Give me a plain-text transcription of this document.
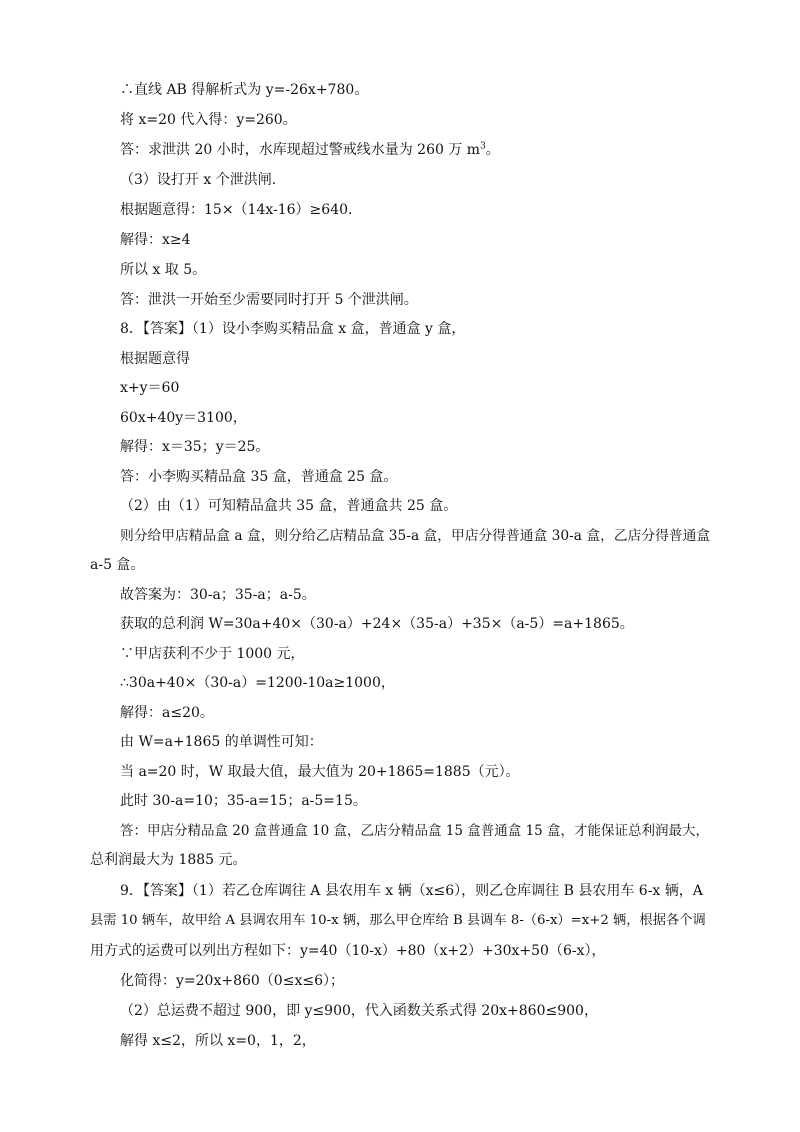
∴直线 AB 得解析式为 y=-26x+780。
将 x=20 代入得：y=260。
答：求泄洪 20 小时，水库现超过警戒线水量为 260 万 $m^3$。
（3）设打开 x 个泄洪闸.
根据题意得：15×（14x-16）≥640.
解得：x≥4
所以 x 取 5。
答：泄洪一开始至少需要同时打开 5 个泄洪闸。
8．【答案】（1）设小李购买精品盒 x 盒，普通盒 y 盒，
根据题意得
x+y＝60
60x+40y＝3100，
解得：x＝35；y＝25。
答：小李购买精品盒 35 盒，普通盒 25 盒。
（2）由（1）可知精品盒共 35 盒，普通盒共 25 盒。
则分给甲店精品盒 a 盒，则分给乙店精品盒 35-a 盒，甲店分得普通盒 30-a 盒，乙店分得普通盒
a-5 盒。
故答案为：30-a；35-a；a-5。
获取的总利润 W=30a+40×（30-a）+24×（35-a）+35×（a-5）=a+1865。
∵甲店获利不少于 1000 元，
∴30a+40×（30-a）=1200-10a≥1000，
解得：a≤20。
由 W=a+1865 的单调性可知：
当 a=20 时，W 取最大值，最大值为 20+1865=1885（元）。
此时 30-a=10；35-a=15；a-5=15。
答：甲店分精品盒 20 盒普通盒 10 盒，乙店分精品盒 15 盒普通盒 15 盒，才能保证总利润最大，
总利润最大为 1885 元。
9．【答案】（1）若乙仓库调往 A 县农用车 x 辆（x≤6），则乙仓库调往 B 县农用车 6-x 辆，A
县需 10 辆车，故甲给 A 县调农用车 10-x 辆，那么甲仓库给 B 县调车 8-（6-x）=x+2 辆，根据各个调
用方式的运费可以列出方程如下：y=40（10-x）+80（x+2）+30x+50（6-x），
化简得：y=20x+860（0≤x≤6）；
（2）总运费不超过 900，即 y≤900，代入函数关系式得 20x+860≤900，
解得 x≤2，所以 x=0，1，2，
